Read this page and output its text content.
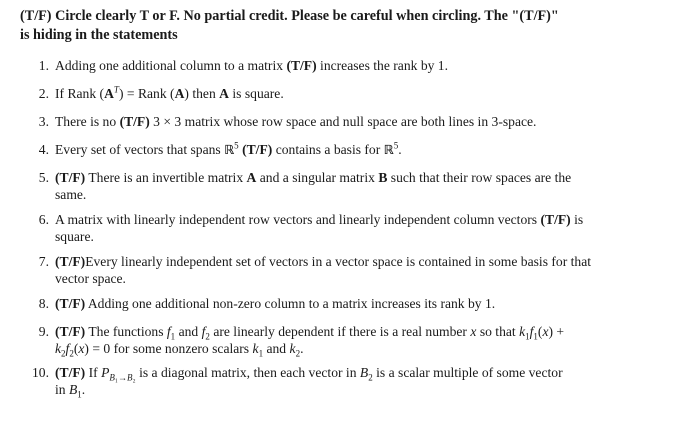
(T/F) Circle clearly T or F. No partial credit. Please be careful when circling. The "(T/F)"
is hiding in the statements
1. Adding one additional column to a matrix (T/F) increases the rank by 1.
2. If Rank $(A^T)$ = Rank (A) then A is square.
3. There is no (T/F) 3 × 3 matrix whose row space and null space are both lines in 3-space.
4. Every set of vectors that spans ℝ$^5$ (T/F) contains a basis for ℝ$^5$.
5. (T/F) There is an invertible matrix A and a singular matrix B such that their row spaces are the
same.
6. A matrix with linearly independent row vectors and linearly independent column vectors (T/F) is
square.
7. (T/F)Every linearly independent set of vectors in a vector space is contained in some basis for that
vector space.
8. (T/F) Adding one additional non-zero column to a matrix increases its rank by 1.
9. (T/F) The functions $f_1$ and $f_2$ are linearly dependent if there is a real number x so that $k_1f_1(x)$ +
$k_2f_2(x) = 0$ for some nonzero scalars $k_1$ and $k_2$.
10. (T/F) If $P_{B_1\to B_2}$ is a diagonal matrix, then each vector in $B_2$ is a scalar multiple of some vector
in $B_1$.
